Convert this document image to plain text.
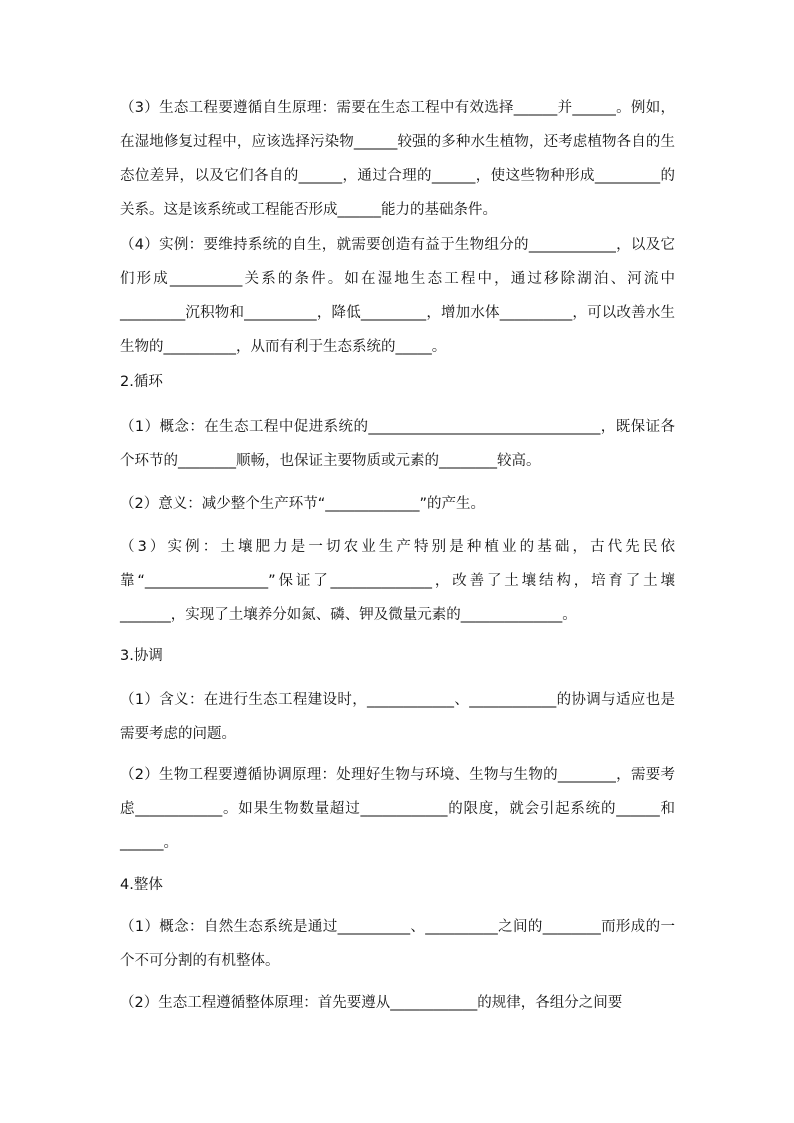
（3）生态工程要遵循自生原理：需要在生态工程中有效选择______并______。例如，在湿地修复过程中，应该选择污染物______较强的多种水生植物，还考虑植物各自的生态位差异，以及它们各自的______，通过合理的______，使这些物种形成_________的关系。这是该系统或工程能否形成______能力的基础条件。

（4）实例：要维持系统的自生，就需要创造有益于生物组分的____________，以及它们形成__________关系的条件。如在湿地生态工程中，通过移除湖泊、河流中_________沉积物和__________，降低_________，增加水体__________，可以改善水生生物的__________，从而有利于生态系统的_____。

2.循环

（1）概念：在生态工程中促进系统的________________________________，既保证各个环节的________顺畅，也保证主要物质或元素的________较高。

（2）意义：减少整个生产环节“_____________”的产生。

（3）实例：土壤肥力是一切农业生产特别是种植业的基础，古代先民依靠“_________________”保证了______________，改善了土壤结构，培育了土壤_______，实现了土壤养分如氮、磷、钾及微量元素的______________。

3.协调

（1）含义：在进行生态工程建设时，____________、____________的协调与适应也是需要考虑的问题。

（2）生物工程要遵循协调原理：处理好生物与环境、生物与生物的________，需要考虑____________。如果生物数量超过____________的限度，就会引起系统的______和______。

4.整体

（1）概念：自然生态系统是通过__________、__________之间的________而形成的一个不可分割的有机整体。

（2）生态工程遵循整体原理：首先要遵从____________的规律，各组分之间要
